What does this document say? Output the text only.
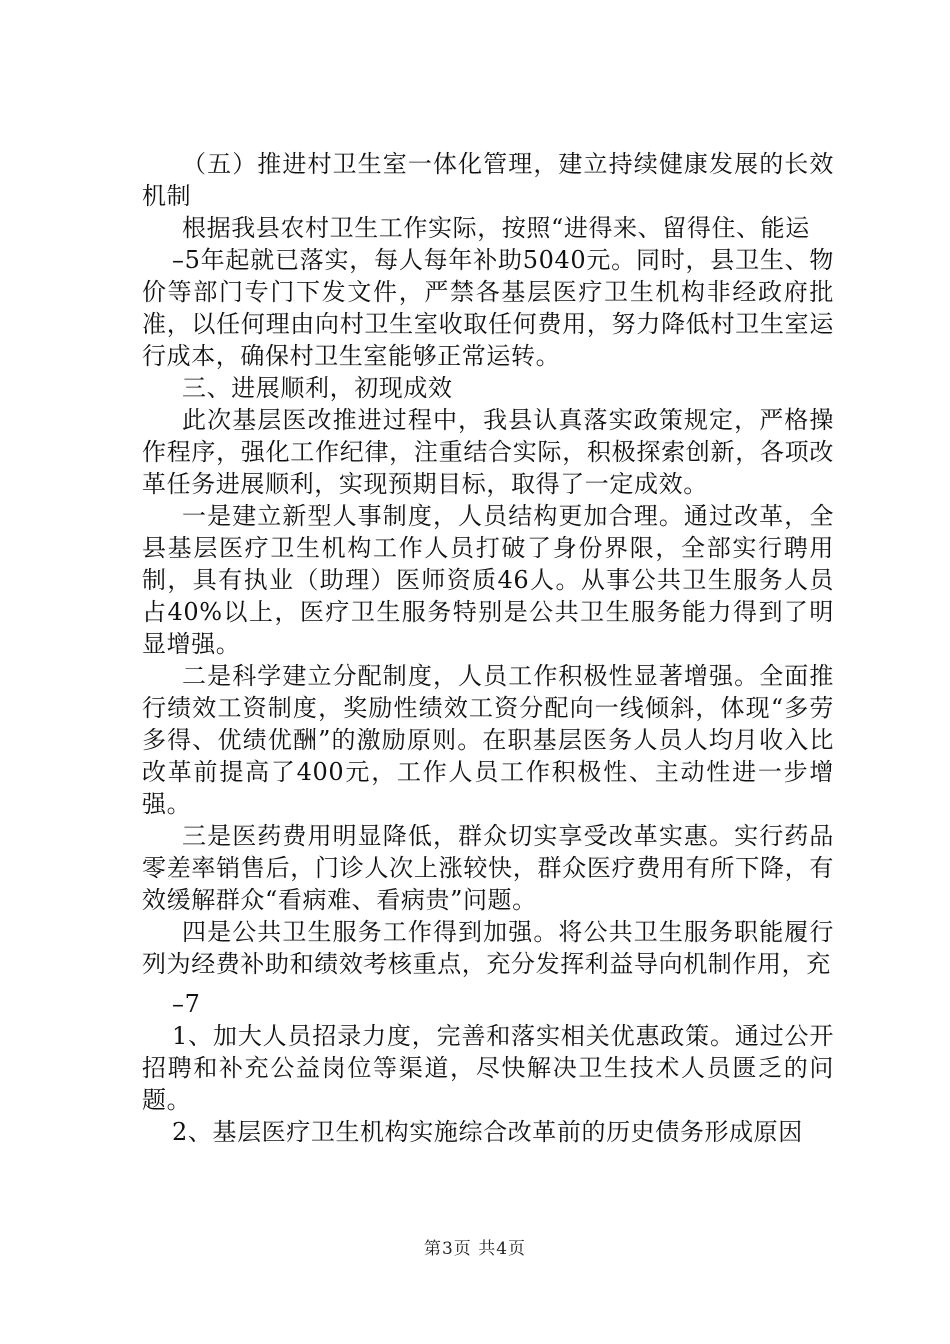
（五）推进村卫生室一体化管理，建立持续健康发展的长效机制

根据我县农村卫生工作实际，按照“进得来、留得住、能运

–5年起就已落实，每人每年补助5040元。同时，县卫生、物价等部门专门下发文件，严禁各基层医疗卫生机构非经政府批准，以任何理由向村卫生室收取任何费用，努力降低村卫生室运行成本，确保村卫生室能够正常运转。

三、进展顺利，初现成效

此次基层医改推进过程中，我县认真落实政策规定，严格操作程序，强化工作纪律，注重结合实际，积极探索创新，各项改革任务进展顺利，实现预期目标，取得了一定成效。

一是建立新型人事制度，人员结构更加合理。通过改革，全县基层医疗卫生机构工作人员打破了身份界限，全部实行聘用制，具有执业（助理）医师资质46人。从事公共卫生服务人员占40%以上，医疗卫生服务特别是公共卫生服务能力得到了明显增强。

二是科学建立分配制度，人员工作积极性显著增强。全面推行绩效工资制度，奖励性绩效工资分配向一线倾斜，体现“多劳多得、优绩优酬”的激励原则。在职基层医务人员人均月收入比改革前提高了400元，工作人员工作积极性、主动性进一步增强。

三是医药费用明显降低，群众切实享受改革实惠。实行药品零差率销售后，门诊人次上涨较快，群众医疗费用有所下降，有效缓解群众“看病难、看病贵”问题。

四是公共卫生服务工作得到加强。将公共卫生服务职能履行列为经费补助和绩效考核重点，充分发挥利益导向机制作用，充

–7

1、加大人员招录力度，完善和落实相关优惠政策。通过公开招聘和补充公益岗位等渠道，尽快解决卫生技术人员匮乏的问题。

2、基层医疗卫生机构实施综合改革前的历史债务形成原因

第3页 共4页
